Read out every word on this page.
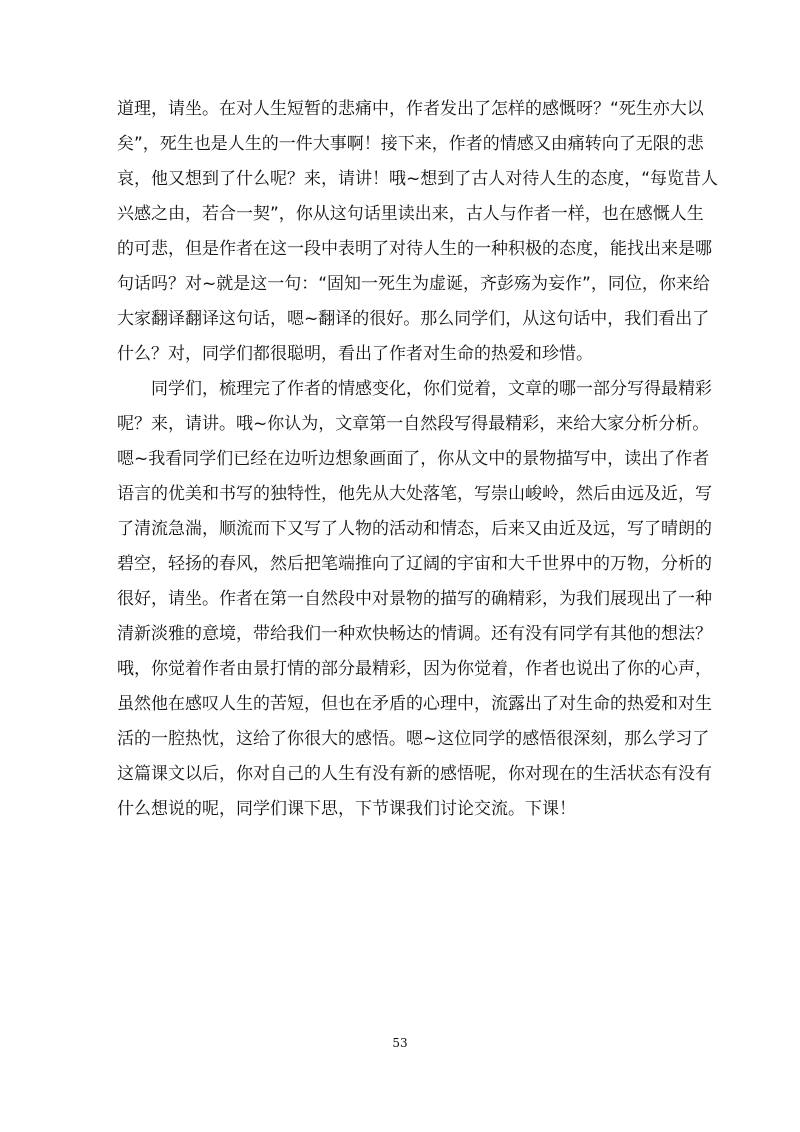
道理，请坐。在对人生短暂的悲痛中，作者发出了怎样的感慨呀？“死生亦大以
矣”，死生也是人生的一件大事啊！接下来，作者的情感又由痛转向了无限的悲
哀，他又想到了什么呢？来，请讲！哦~想到了古人对待人生的态度，“每览昔人
兴感之由，若合一契”，你从这句话里读出来，古人与作者一样，也在感慨人生
的可悲，但是作者在这一段中表明了对待人生的一种积极的态度，能找出来是哪
句话吗？对~就是这一句：“固知一死生为虚诞，齐彭殇为妄作”，同位，你来给
大家翻译翻译这句话，嗯~翻译的很好。那么同学们，从这句话中，我们看出了
什么？对，同学们都很聪明，看出了作者对生命的热爱和珍惜。
同学们，梳理完了作者的情感变化，你们觉着，文章的哪一部分写得最精彩
呢？来，请讲。哦~你认为，文章第一自然段写得最精彩，来给大家分析分析。
嗯~我看同学们已经在边听边想象画面了，你从文中的景物描写中，读出了作者
语言的优美和书写的独特性，他先从大处落笔，写崇山峻岭，然后由远及近，写
了清流急湍，顺流而下又写了人物的活动和情态，后来又由近及远，写了晴朗的
碧空，轻扬的春风，然后把笔端推向了辽阔的宇宙和大千世界中的万物，分析的
很好，请坐。作者在第一自然段中对景物的描写的确精彩，为我们展现出了一种
清新淡雅的意境，带给我们一种欢快畅达的情调。还有没有同学有其他的想法？
哦，你觉着作者由景打情的部分最精彩，因为你觉着，作者也说出了你的心声，
虽然他在感叹人生的苦短，但也在矛盾的心理中，流露出了对生命的热爱和对生
活的一腔热忱，这给了你很大的感悟。嗯~这位同学的感悟很深刻，那么学习了
这篇课文以后，你对自己的人生有没有新的感悟呢，你对现在的生活状态有没有
什么想说的呢，同学们课下思，下节课我们讨论交流。下课！
53
